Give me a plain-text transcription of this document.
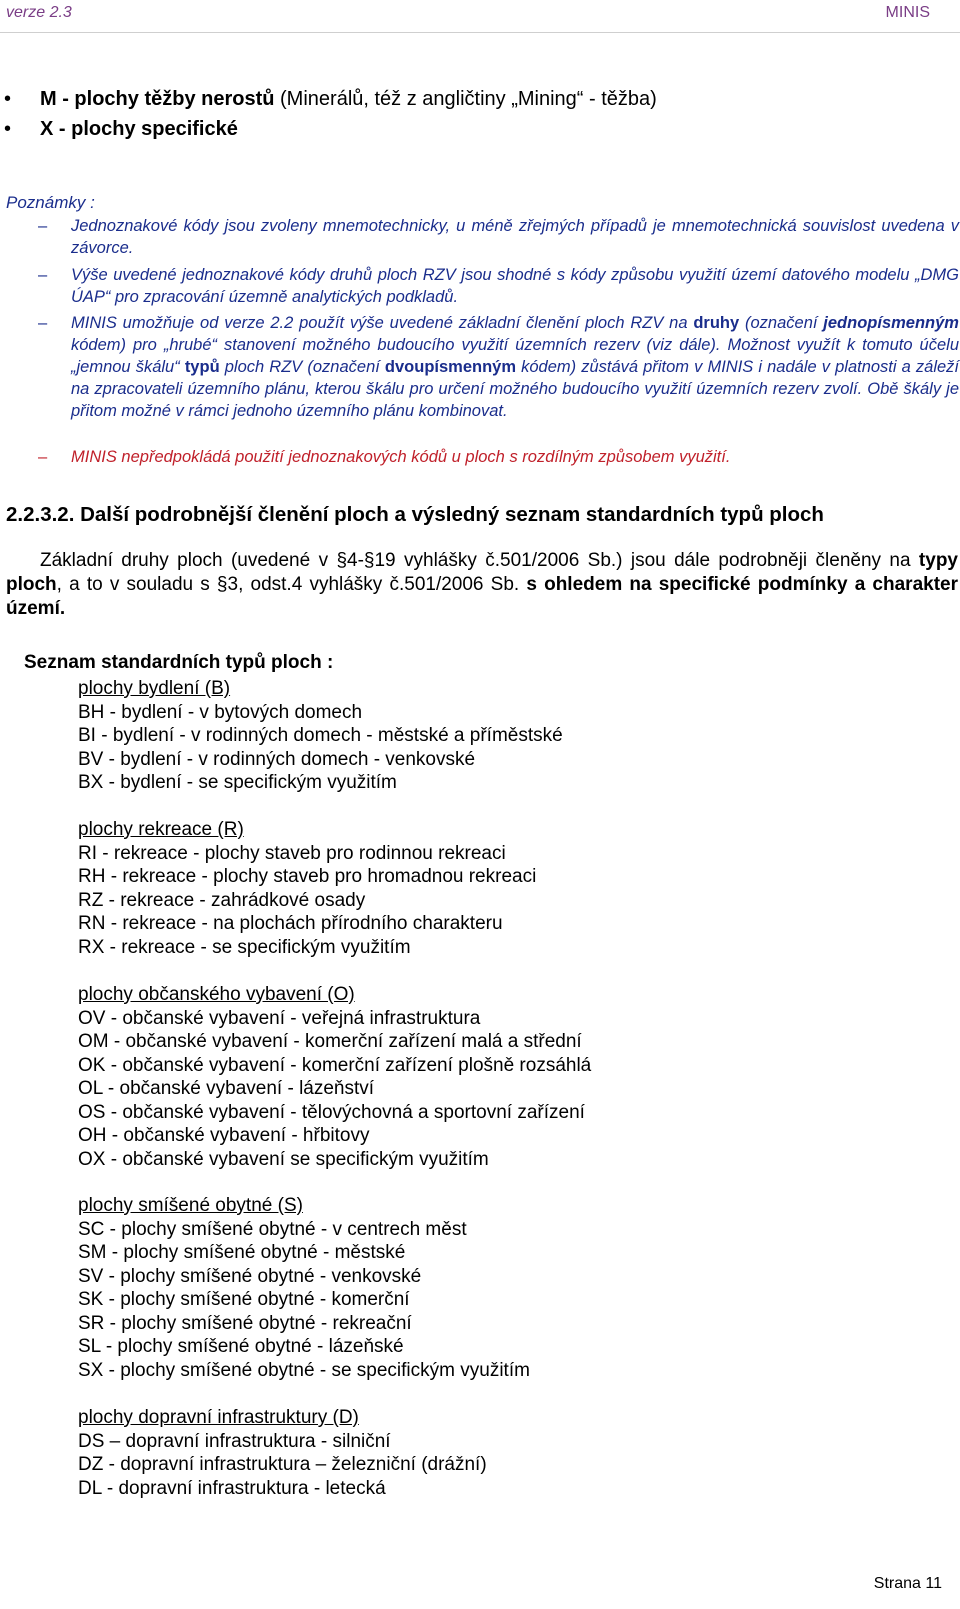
verze 2.3	MINIS
• M - plochy těžby nerostů (Minerálů, též z angličtiny „Mining“ - těžba)
• X - plochy specifické
Poznámky :
– Jednoznakové kódy jsou zvoleny mnemotechnicky, u méně zřejmých případů je mnemotechnická souvislost uvedena v závorce.
– Výše uvedené jednoznakové kódy druhů ploch RZV jsou shodné s kódy způsobu využití území datového modelu „DMG ÚAP“ pro zpracování územně analytických podkladů.
– MINIS umožňuje od verze 2.2 použít výše uvedené základní členění ploch RZV na druhy (označení jednopísmenným kódem) pro „hrubé“ stanovení možného budoucího využití územních rezerv (viz dále). Možnost využít k tomuto účelu „jemnou škálu“ typů ploch RZV (označení dvoupísmenným kódem) zůstává přitom v MINIS i nadále v platnosti a záleží na zpracovateli územního plánu, kterou škálu pro určení možného budoucího využití územních rezerv zvolí. Obě škály je přitom možné v rámci jednoho územního plánu kombinovat.
– MINIS nepředpokládá použití jednoznakových kódů u ploch s rozdílným způsobem využití.
2.2.3.2. Další podrobnější členění ploch a výsledný seznam standardních typů ploch
Základní druhy ploch (uvedené v §4-§19 vyhlášky č.501/2006 Sb.) jsou dále podrobněji členěny na typy ploch, a to v souladu s §3, odst.4 vyhlášky č.501/2006 Sb. s ohledem na specifické podmínky a charakter území.
Seznam standardních typů ploch :
plochy bydlení (B)
BH - bydlení - v bytových domech
BI - bydlení - v rodinných domech - městské a příměstské
BV - bydlení - v rodinných domech - venkovské
BX - bydlení - se specifickým využitím
plochy rekreace (R)
RI - rekreace - plochy staveb pro rodinnou rekreaci
RH - rekreace - plochy staveb pro hromadnou rekreaci
RZ - rekreace - zahrádkové osady
RN - rekreace - na plochách přírodního charakteru
RX - rekreace - se specifickým využitím
plochy občanského vybavení (O)
OV - občanské vybavení - veřejná infrastruktura
OM - občanské vybavení - komerční zařízení malá a střední
OK - občanské vybavení - komerční zařízení plošně rozsáhlá
OL - občanské vybavení - lázeňství
OS - občanské vybavení - tělovýchovná a sportovní zařízení
OH - občanské vybavení - hřbitovy
OX - občanské vybavení se specifickým využitím
plochy smíšené obytné (S)
SC - plochy smíšené obytné - v centrech měst
SM - plochy smíšené obytné - městské
SV - plochy smíšené obytné - venkovské
SK - plochy smíšené obytné - komerční
SR - plochy smíšené obytné - rekreační
SL - plochy smíšené obytné - lázeňské
SX - plochy smíšené obytné - se specifickým využitím
plochy dopravní infrastruktury (D)
DS – dopravní infrastruktura - silniční
DZ - dopravní infrastruktura – železniční (drážní)
DL - dopravní infrastruktura - letecká
Strana 11
